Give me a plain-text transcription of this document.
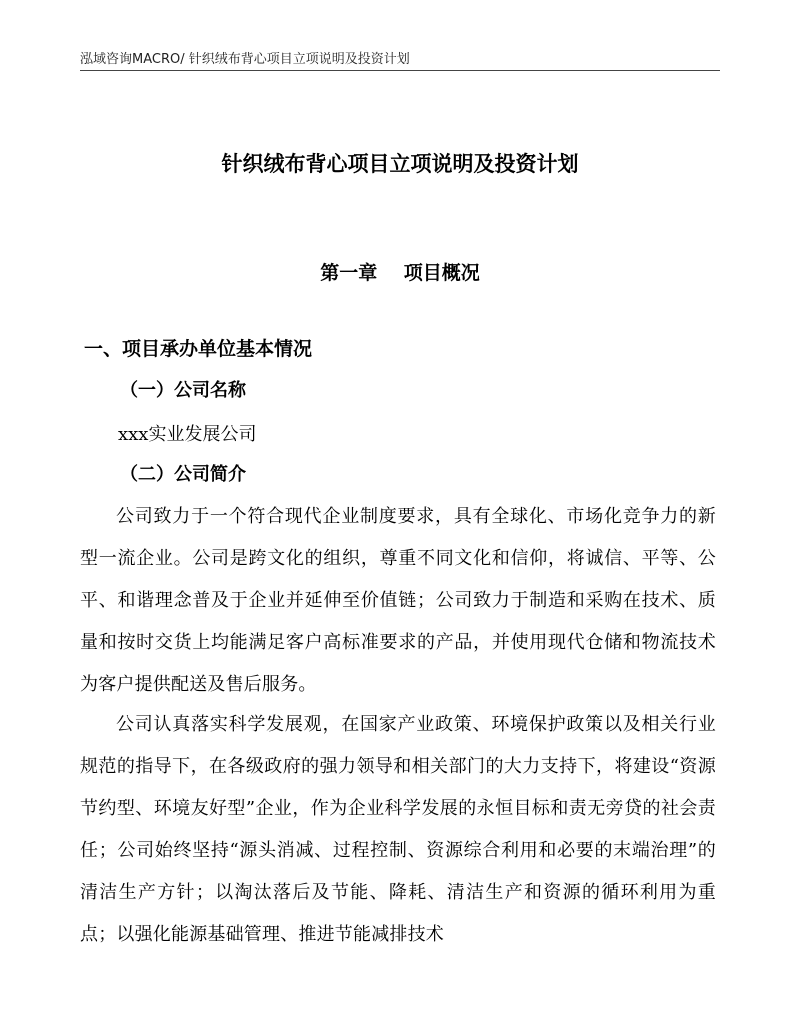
泓域咨询MACRO/ 针织绒布背心项目立项说明及投资计划
针织绒布背心项目立项说明及投资计划
第一章    项目概况
一、项目承办单位基本情况
（一）公司名称
xxx实业发展公司
（二）公司简介
公司致力于一个符合现代企业制度要求，具有全球化、市场化竞争力的新型一流企业。公司是跨文化的组织，尊重不同文化和信仰，将诚信、平等、公平、和谐理念普及于企业并延伸至价值链；公司致力于制造和采购在技术、质量和按时交货上均能满足客户高标准要求的产品，并使用现代仓储和物流技术为客户提供配送及售后服务。
公司认真落实科学发展观，在国家产业政策、环境保护政策以及相关行业规范的指导下，在各级政府的强力领导和相关部门的大力支持下，将建设“资源节约型、环境友好型”企业，作为企业科学发展的永恒目标和责无旁贷的社会责任；公司始终坚持“源头消减、过程控制、资源综合利用和必要的末端治理”的清洁生产方针；以淘汰落后及节能、降耗、清洁生产和资源的循环利用为重点；以强化能源基础管理、推进节能减排技术
